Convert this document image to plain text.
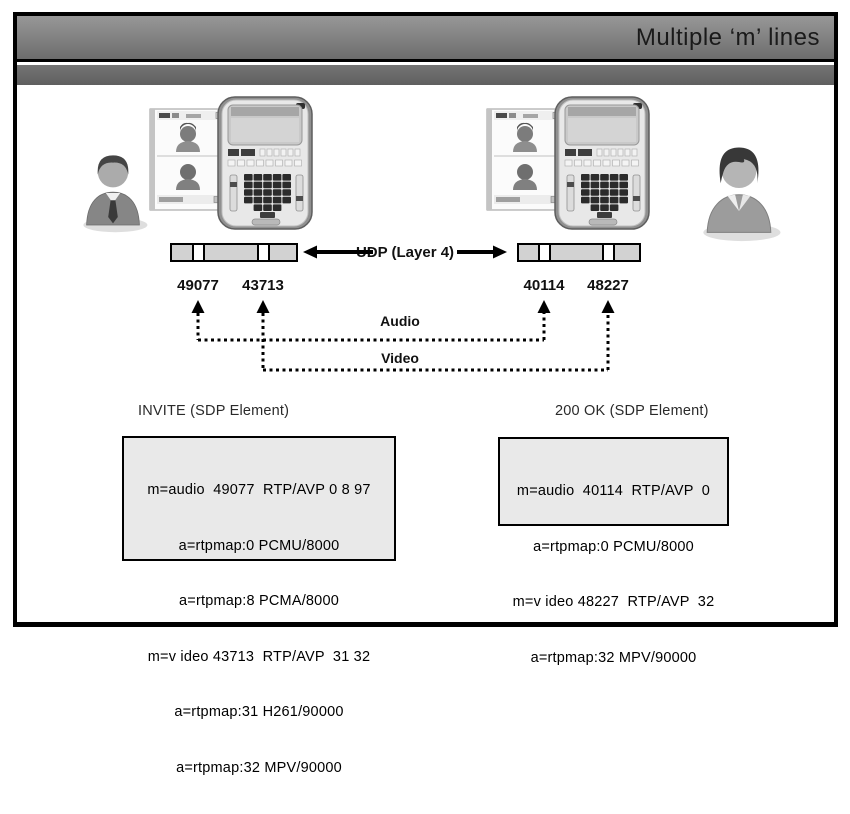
Multiple ‘m’ lines
UDP (Layer 4)
49077	43713	40114	48227
Audio
Video
INVITE (SDP Element)

m=audio  49077  RTP/AVP 0 8 97

a=rtpmap:0 PCMU/8000

a=rtpmap:8 PCMA/8000

m=v ideo 43713  RTP/AVP  31 32

a=rtpmap:31 H261/90000

a=rtpmap:32 MPV/90000

200 OK (SDP Element)

m=audio  40114  RTP/AVP  0

a=rtpmap:0 PCMU/8000

m=v ideo 48227  RTP/AVP  32

a=rtpmap:32 MPV/90000
